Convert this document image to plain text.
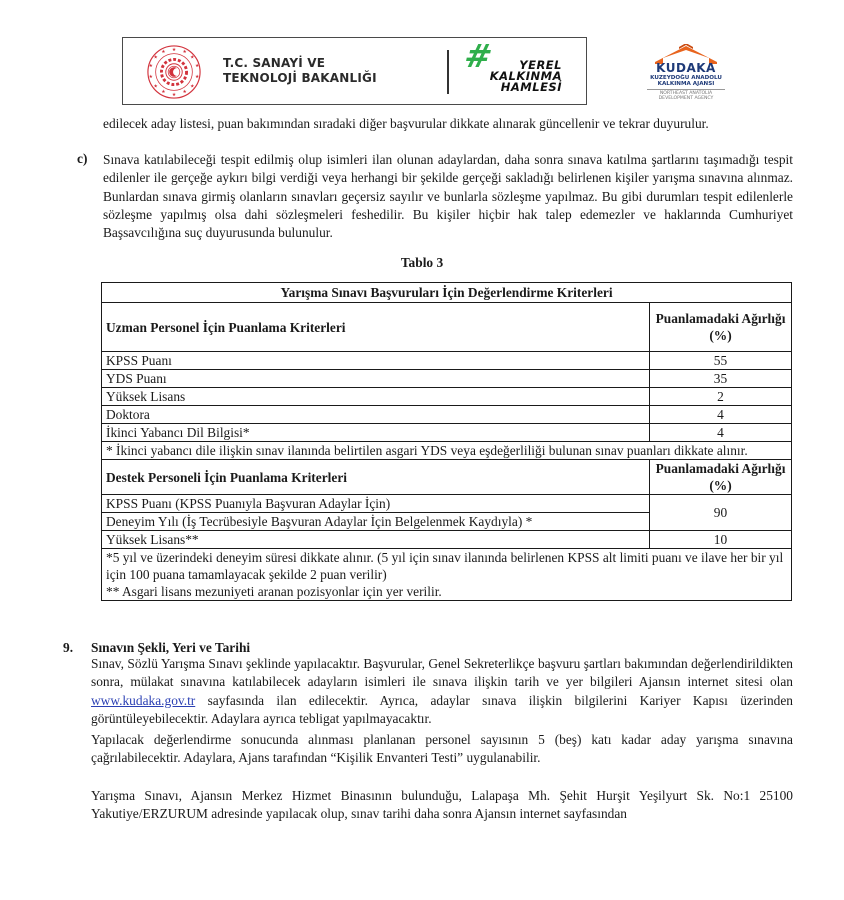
★ ★
★
★
★
★
★
★
★
★
★
★
★
★
T.C. SANAYİ VE
TEKNOLOJİ BAKANLIĞI
#	YEREL
KALKINMA
HAMLESİ
KUDAKA
KUZEYDOĞU ANADOLU
KALKINMA AJANSI
NORTHEAST ANATOLIA
DEVELOPMENT AGENCY

edilecek aday listesi, puan bakımından sıradaki diğer başvurular dikkate alınarak güncellenir ve tekrar duyurulur.

c) Sınava katılabileceği tespit edilmiş olup isimleri ilan olunan adaylardan, daha sonra sınava katılma şartlarını taşımadığı tespit edilenler ile gerçeğe aykırı bilgi verdiği veya herhangi bir şekilde gerçeği sakladığı belirlenen kişiler yarışma sınavına alınmaz. Bunlardan sınava girmiş olanların sınavları geçersiz sayılır ve bunlarla sözleşme yapılmaz. Bu gibi durumları tespit edilenlerle sözleşme yapılmış olsa dahi sözleşmeleri feshedilir. Bu kişiler hiçbir hak talep edemezler ve haklarında Cumhuriyet Başsavcılığına suç duyurusunda bulunulur.

Tablo 3
Yarışma Sınavı Başvuruları İçin Değerlendirme Kriterleri	
Uzman Personel İçin Puanlama Kriterleri	Puanlamadaki Ağırlığı (%)
KPSS Puanı	55
YDS Puanı	35
Yüksek Lisans	2
Doktora	4
İkinci Yabancı Dil Bilgisi*	4
* İkinci yabancı dile ilişkin sınav ilanında belirtilen asgari YDS veya eşdeğerliliği bulunan sınav puanları dikkate alınır.	
Destek Personeli İçin Puanlama Kriterleri	Puanlamadaki Ağırlığı (%)
KPSS Puanı (KPSS Puanıyla Başvuran Adaylar İçin)	90
Deneyim Yılı (İş Tecrübesiyle Başvuran Adaylar İçin Belgelenmek Kaydıyla) *	
Yüksek Lisans**	10

*5 yıl ve üzerindeki deneyim süresi dikkate alınır. (5 yıl için sınav ilanında belirlenen KPSS alt limiti puanı ve ilave her bir yıl için 100 puana tamamlayacak şekilde 2 puan verilir)
** Asgari lisans mezuniyeti aranan pozisyonlar için yer verilir.	
9. Sınavın Şekli, Yeri ve Tarihi

Sınav, Sözlü Yarışma Sınavı şeklinde yapılacaktır. Başvurular, Genel Sekreterlikçe başvuru şartları bakımından değerlendirildikten sonra, mülakat sınavına katılabilecek adayların isimleri ile sınava ilişkin tarih ve yer bilgileri Ajansın internet sitesi olan www.kudaka.gov.tr sayfasında ilan edilecektir. Ayrıca, adaylar sınava ilişkin bilgilerini Kariyer Kapısı üzerinden görüntüleyebilecektir. Adaylara ayrıca tebligat yapılmayacaktır.

Yapılacak değerlendirme sonucunda alınması planlanan personel sayısının 5 (beş) katı kadar aday yarışma sınavına çağrılabilecektir. Adaylara, Ajans tarafından “Kişilik Envanteri Testi” uygulanabilir.

Yarışma Sınavı, Ajansın Merkez Hizmet Binasının bulunduğu, Lalapaşa Mh. Şehit Hurşit Yeşilyurt Sk. No:1 25100 Yakutiye/ERZURUM adresinde yapılacak olup, sınav tarihi daha sonra Ajansın internet sayfasından
